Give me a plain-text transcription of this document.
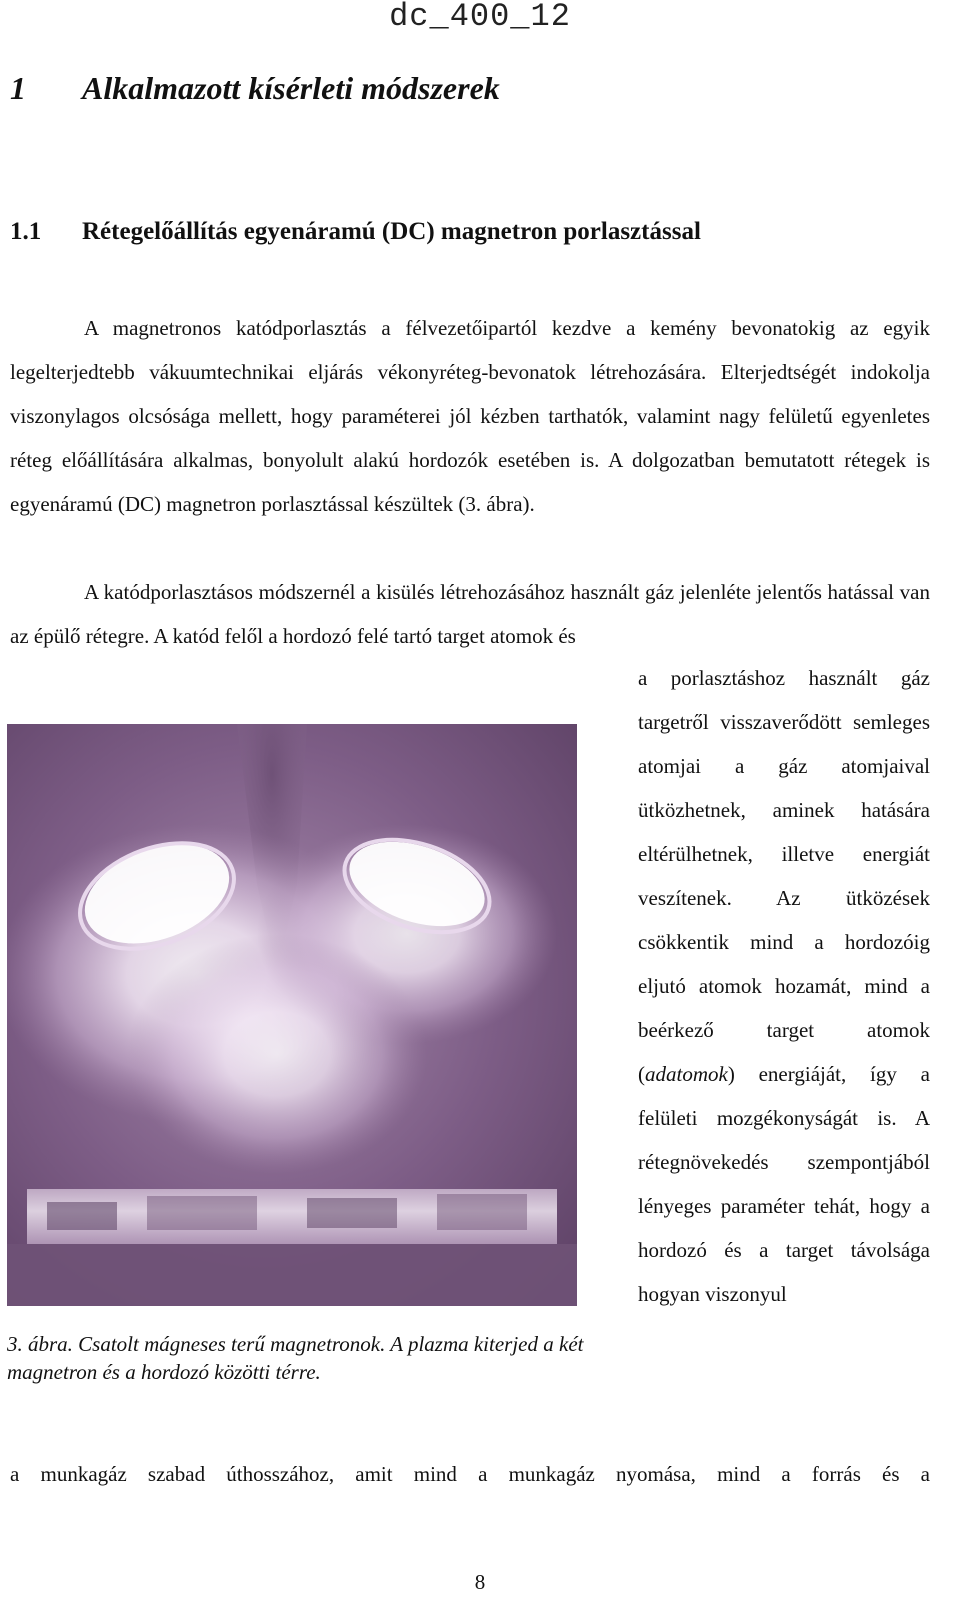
dc_400_12
1 Alkalmazott kísérleti módszerek
1.1 Rétegelőállítás egyenáramú (DC) magnetron porlasztással
A magnetronos katódporlasztás a félvezetőipartól kezdve a kemény bevonatokig az egyik legelterjedtebb vákuumtechnikai eljárás vékonyréteg-bevonatok létrehozására. Elterjedtségét indokolja viszonylagos olcsósága mellett, hogy paraméterei jól kézben tarthatók, valamint nagy felületű egyenletes réteg előállítására alkalmas, bonyolult alakú hordozók esetében is. A dolgozatban bemutatott rétegek is egyenáramú (DC) magnetron porlasztással készültek (3. ábra).
A katódporlasztásos módszernél a kisülés létrehozásához használt gáz jelenléte jelentős hatással van az épülő rétegre. A katód felől a hordozó felé tartó target atomok és
a porlasztáshoz használt gáz targetről visszaverődött semleges atomjai a gáz atomjaival ütközhetnek, aminek hatására eltérülhetnek, illetve energiát veszítenek. Az ütközések csökkentik mind a hordozóig eljutó atomok hozamát, mind a beérkező target atomok (adatomok) energiáját, így a felületi mozgékonyságát is. A rétegnövekedés szempontjából lényeges paraméter tehát, hogy a hordozó és a target távolsága hogyan viszonyul
3. ábra. Csatolt mágneses terű magnetronok. A plazma kiterjed a két magnetron és a hordozó közötti térre.
a munkagáz szabad úthosszához, amit mind a munkagáz nyomása, mind a forrás és a
8
